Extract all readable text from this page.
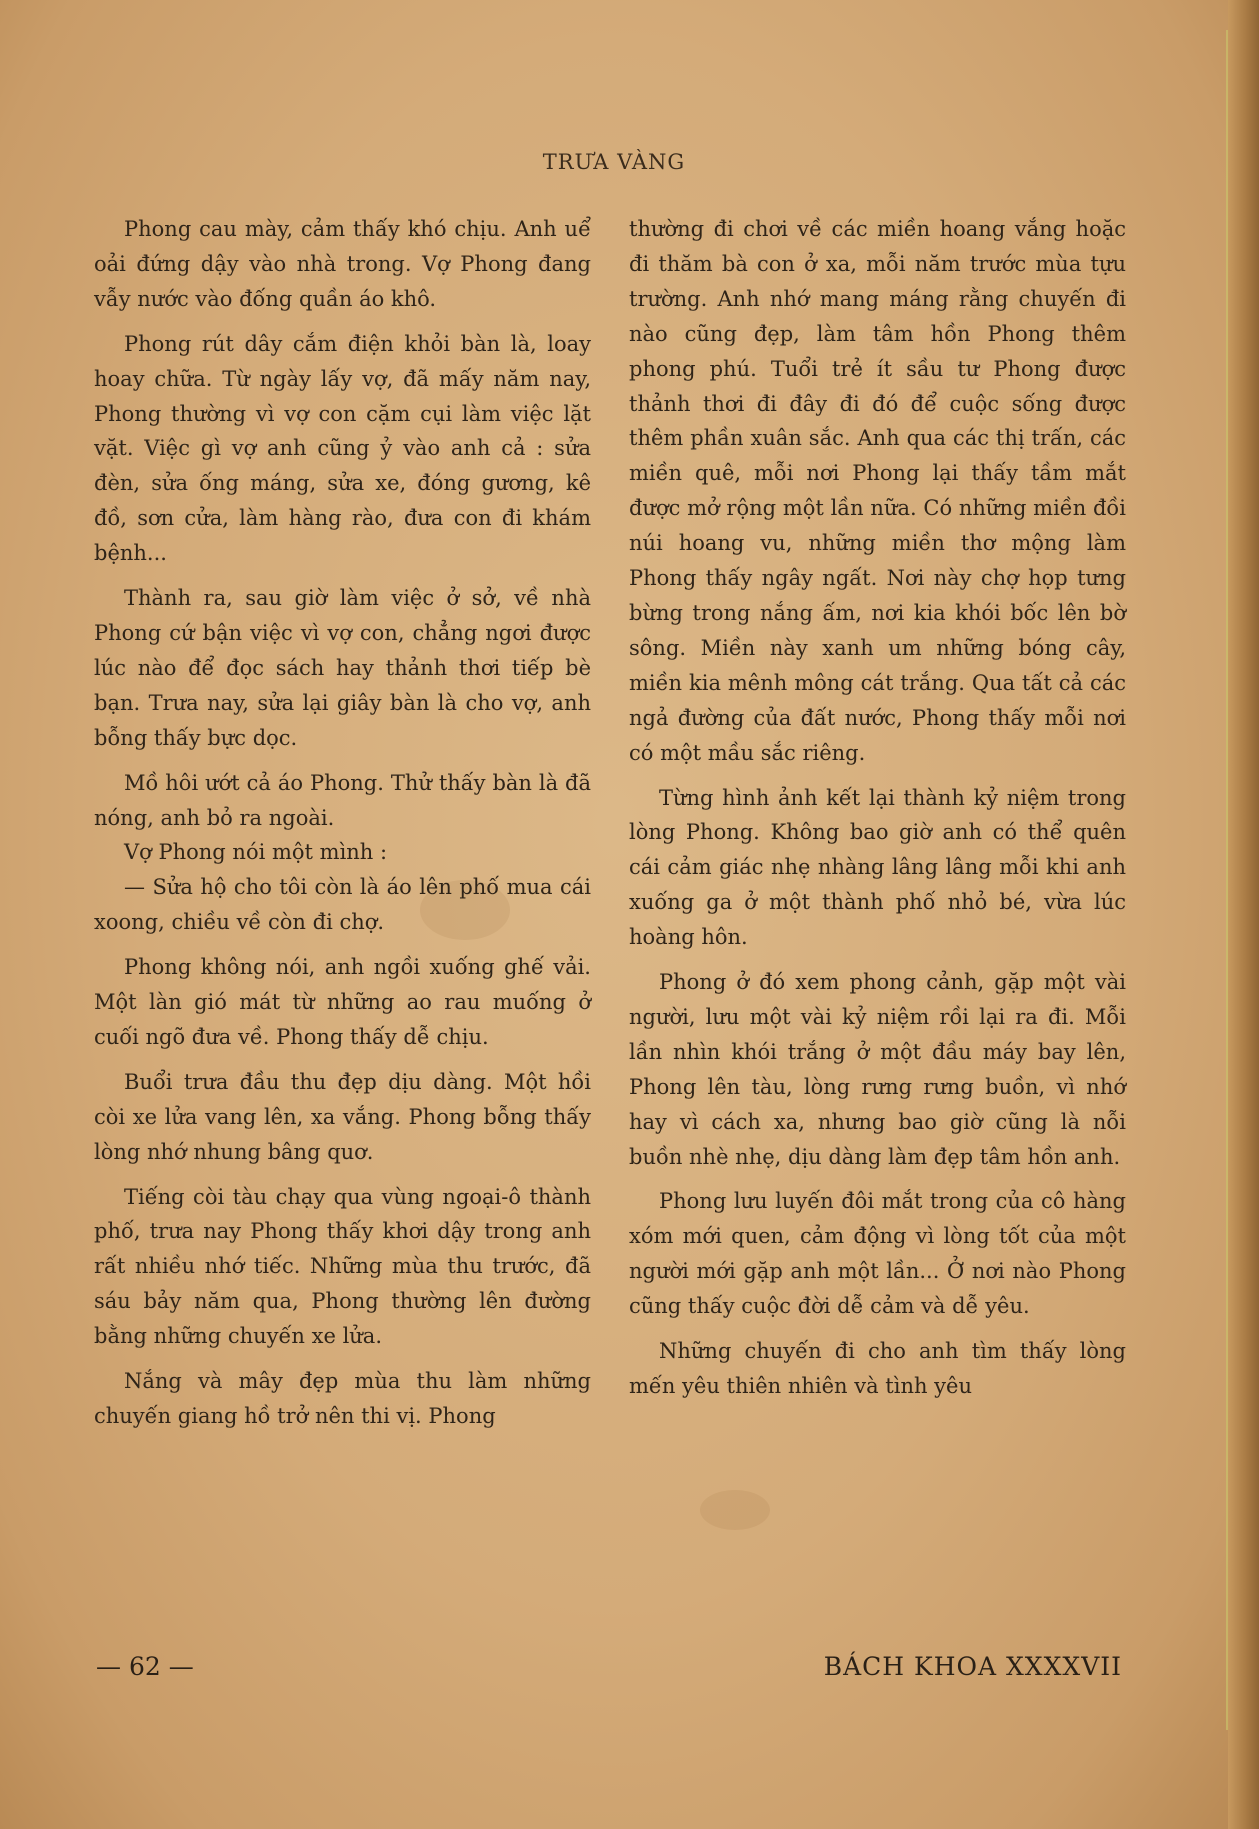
TRƯA VÀNG

Phong cau mày, cảm thấy khó chịu. Anh uể oải đứng dậy vào nhà trong. Vợ Phong đang vẫy nước vào đống quần áo khô.

Phong rút dây cắm điện khỏi bàn là, loay hoay chữa. Từ ngày lấy vợ, đã mấy năm nay, Phong thường vì vợ con cặm cụi làm việc lặt vặt. Việc gì vợ anh cũng ỷ vào anh cả : sửa đèn, sửa ống máng, sửa xe, đóng gương, kê đồ, sơn cửa, làm hàng rào, đưa con đi khám bệnh...

Thành ra, sau giờ làm việc ở sở, về nhà Phong cứ bận việc vì vợ con, chẳng ngơi được lúc nào để đọc sách hay thảnh thơi tiếp bè bạn. Trưa nay, sửa lại giây bàn là cho vợ, anh bỗng thấy bực dọc.

Mồ hôi ướt cả áo Phong. Thử thấy bàn là đã nóng, anh bỏ ra ngoài.

Vợ Phong nói một mình :

— Sửa hộ cho tôi còn là áo lên phố mua cái xoong, chiều về còn đi chợ.

Phong không nói, anh ngồi xuống ghế vải. Một làn gió mát từ những ao rau muống ở cuối ngõ đưa về. Phong thấy dễ chịu.

Buổi trưa đầu thu đẹp dịu dàng. Một hồi còi xe lửa vang lên, xa vắng. Phong bỗng thấy lòng nhớ nhung bâng quơ.

Tiếng còi tàu chạy qua vùng ngoại-ô thành phố, trưa nay Phong thấy khơi dậy trong anh rất nhiều nhớ tiếc. Những mùa thu trước, đã sáu bảy năm qua, Phong thường lên đường bằng những chuyến xe lửa.

Nắng và mây đẹp mùa thu làm những chuyến giang hồ trở nên thi vị. Phong

thường đi chơi về các miền hoang vắng hoặc đi thăm bà con ở xa, mỗi năm trước mùa tựu trường. Anh nhớ mang máng rằng chuyến đi nào cũng đẹp, làm tâm hồn Phong thêm phong phú. Tuổi trẻ ít sầu tư Phong được thảnh thơi đi đây đi đó để cuộc sống được thêm phần xuân sắc. Anh qua các thị trấn, các miền quê, mỗi nơi Phong lại thấy tầm mắt được mở rộng một lần nữa. Có những miền đồi núi hoang vu, những miền thơ mộng làm Phong thấy ngây ngất. Nơi này chợ họp tưng bừng trong nắng ấm, nơi kia khói bốc lên bờ sông. Miền này xanh um những bóng cây, miền kia mênh mông cát trắng. Qua tất cả các ngả đường của đất nước, Phong thấy mỗi nơi có một mầu sắc riêng.

Từng hình ảnh kết lại thành kỷ niệm trong lòng Phong. Không bao giờ anh có thể quên cái cảm giác nhẹ nhàng lâng lâng mỗi khi anh xuống ga ở một thành phố nhỏ bé, vừa lúc hoàng hôn.

Phong ở đó xem phong cảnh, gặp một vài người, lưu một vài kỷ niệm rồi lại ra đi. Mỗi lần nhìn khói trắng ở một đầu máy bay lên, Phong lên tàu, lòng rưng rưng buồn, vì nhớ hay vì cách xa, nhưng bao giờ cũng là nỗi buồn nhè nhẹ, dịu dàng làm đẹp tâm hồn anh.

Phong lưu luyến đôi mắt trong của cô hàng xóm mới quen, cảm động vì lòng tốt của một người mới gặp anh một lần... Ở nơi nào Phong cũng thấy cuộc đời dễ cảm và dễ yêu.

Những chuyến đi cho anh tìm thấy lòng mến yêu thiên nhiên và tình yêu

— 62 —	BÁCH KHOA XXXXVII
